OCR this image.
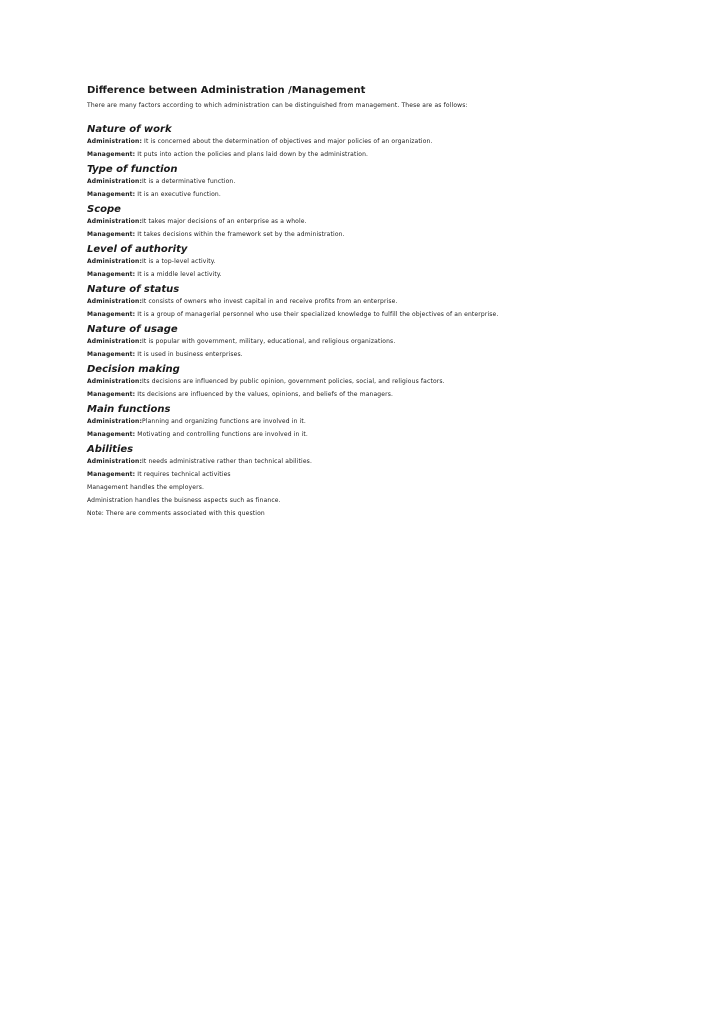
Difference between Administration /Management

There are many factors according to which administration can be distinguished from management. These are as follows:

Nature of work

Administration: It is concerned about the determination of objectives and major policies of an organization.

Management: It puts into action the policies and plans laid down by the administration.

Type of function

Administration:It is a determinative function.

Management: It is an executive function.

Scope

Administration:It takes major decisions of an enterprise as a whole.

Management: It takes decisions within the framework set by the administration.

Level of authority

Administration:It is a top-level activity.

Management: It is a middle level activity.

Nature of status

Administration:It consists of owners who invest capital in and receive profits from an enterprise.

Management: It is a group of managerial personnel who use their specialized knowledge to fulfill the objectives of an enterprise.

Nature of usage

Administration:It is popular with government, military, educational, and religious organizations.

Management: It is used in business enterprises.

Decision making

Administration:Its decisions are influenced by public opinion, government policies, social, and religious factors.

Management: Its decisions are influenced by the values, opinions, and beliefs of the managers.

Main functions

Administration:Planning and organizing functions are involved in it.

Management: Motivating and controlling functions are involved in it.

Abilities

Administration:It needs administrative rather than technical abilities.

Management: It requires technical activities

Management handles the employers.

Administration handles the buisness aspects such as finance.

Note: There are comments associated with this question
